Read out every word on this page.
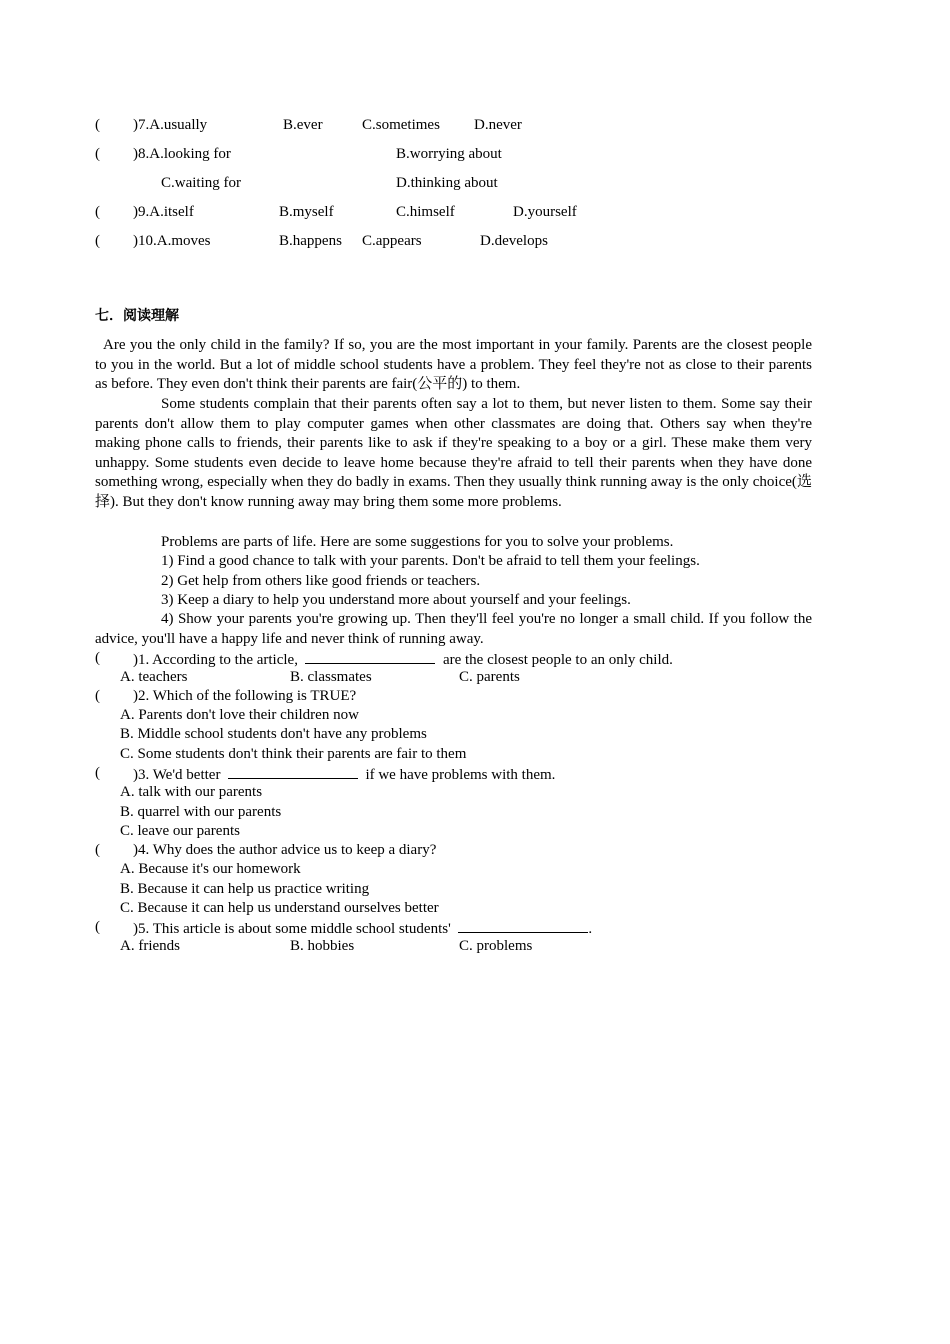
( )7.A.usually	B.ever	C.sometimes D.never
( )8.A.looking for	B.worrying about
C.waiting for	D.thinking about
( )9.A.itself	B.myself	C.himself	D.yourself
( )10.A.moves	B.happens C.appears	D.develops
七．阅读理解

Are you the only child in the family? If so, you are the most important in your family. Parents are the closest people to you in the world. But a lot of middle school students have a problem. They feel they're not as close to their parents as before. They even don't think their parents are fair(公平的) to them.

Some students complain that their parents often say a lot to them, but never listen to them. Some say their parents don't allow them to play computer games when other classmates are doing that. Others say when they're making phone calls to friends, their parents like to ask if they're speaking to a boy or a girl. These make them very unhappy. Some students even decide to leave home because they're afraid to tell their parents when they have done something wrong, especially when they do badly in exams. Then they usually think running away is the only choice(选择). But they don't know running away may bring them some more problems.

Problems are parts of life. Here are some suggestions for you to solve your problems.

1) Find a good chance to talk with your parents. Don't be afraid to tell them your feelings.

2) Get help from others like good friends or teachers.

3) Keep a diary to help you understand more about yourself and your feelings.

4) Show your parents you're growing up. Then they'll feel you're no longer a small child. If you follow the advice, you'll have a happy life and never think of running away.

( )1. According to the article,	are the closest people to an only child.
A. teachers	B. classmates	C. parents
( )2. Which of the following is TRUE?
A. Parents don't love their children now
B. Middle school students don't have any problems
C. Some students don't think their parents are fair to them
( )3. We'd better	if we have problems with them.
A. talk with our parents
B. quarrel with our parents
C. leave our parents
( )4. Why does the author advice us to keep a diary?
A. Because it's our homework
B. Because it can help us practice writing
C. Because it can help us understand ourselves better
( )5. This article is about some middle school students'	.
A. friends	B. hobbies	C. problems
